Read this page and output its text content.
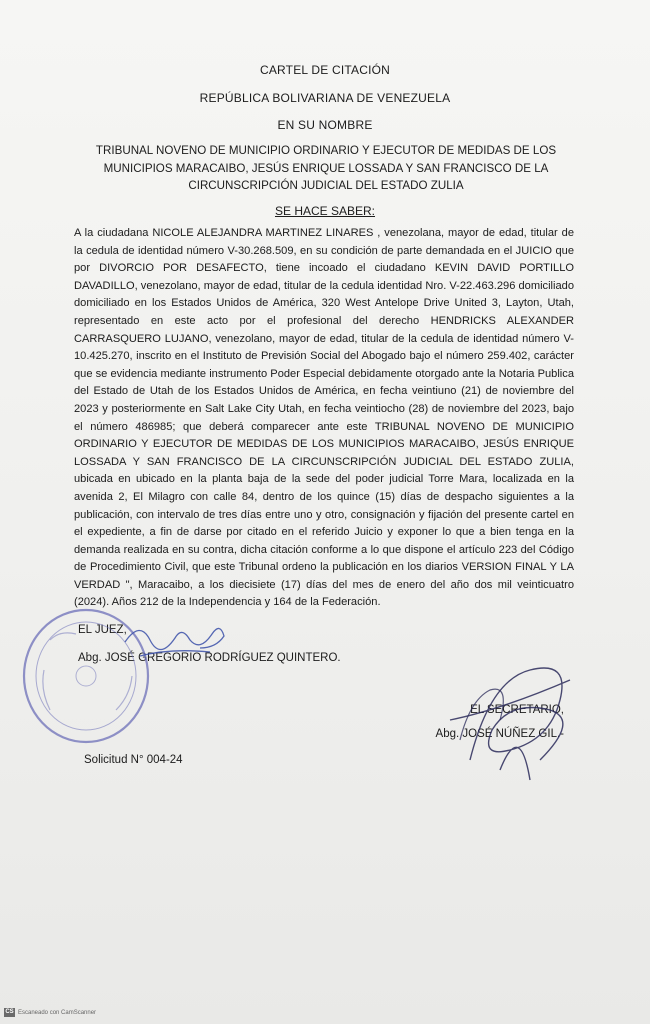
CARTEL DE CITACIÓN
REPÚBLICA BOLIVARIANA DE VENEZUELA
EN SU NOMBRE
TRIBUNAL NOVENO DE MUNICIPIO ORDINARIO Y EJECUTOR DE MEDIDAS DE LOS MUNICIPIOS MARACAIBO, JESÚS ENRIQUE LOSSADA Y SAN FRANCISCO DE LA CIRCUNSCRIPCIÓN JUDICIAL DEL ESTADO ZULIA
SE HACE SABER:
A la ciudadana NICOLE ALEJANDRA MARTINEZ LINARES , venezolana, mayor de edad, titular de la cedula de identidad número V-30.268.509, en su condición de parte demandada en el JUICIO que por DIVORCIO POR DESAFECTO, tiene incoado el ciudadano KEVIN DAVID PORTILLO DAVADILLO, venezolano, mayor de edad, titular de la cedula identidad Nro. V-22.463.296 domiciliado domiciliado en los Estados Unidos de América, 320 West Antelope Drive United 3, Layton, Utah, representado en este acto por el profesional del derecho HENDRICKS ALEXANDER CARRASQUERO LUJANO, venezolano, mayor de edad, titular de la cedula de identidad número V-10.425.270, inscrito en el Instituto de Previsión Social del Abogado bajo el número 259.402, carácter que se evidencia mediante instrumento Poder Especial debidamente otorgado ante la Notaria Publica del Estado de Utah de los Estados Unidos de América, en fecha veintiuno (21) de noviembre del 2023 y posteriormente en Salt Lake City Utah, en fecha veintiocho (28) de noviembre del 2023, bajo el número 486985; que deberá comparecer ante este TRIBUNAL NOVENO DE MUNICIPIO ORDINARIO Y EJECUTOR DE MEDIDAS DE LOS MUNICIPIOS MARACAIBO, JESÚS ENRIQUE LOSSADA Y SAN FRANCISCO DE LA CIRCUNSCRIPCIÓN JUDICIAL DEL ESTADO ZULIA, ubicada en ubicado en la planta baja de la sede del poder judicial Torre Mara, localizada en la avenida 2, El Milagro con calle 84, dentro de los quince (15) días de despacho siguientes a la publicación, con intervalo de tres días entre uno y otro, consignación y fijación del presente cartel en el expediente, a fin de darse por citado en el referido Juicio y exponer lo que a bien tenga en la demanda realizada en su contra, dicha citación conforme a lo que dispone el artículo 223 del Código de Procedimiento Civil, que este Tribunal ordeno la publicación en los diarios VERSION FINAL Y LA VERDAD ", Maracaibo, a los diecisiete (17) días del mes de enero del año dos mil veinticuatro (2024). Años 212 de la Independencia y 164 de la Federación.
EL JUEZ,
Abg. JOSÉ GREGORIO RODRÍGUEZ QUINTERO.
EL SECRETARIO,
Abg. JOSÉ NÚÑEZ GIL.-
Solicitud N° 004-24
CS Escaneado con CamScanner
